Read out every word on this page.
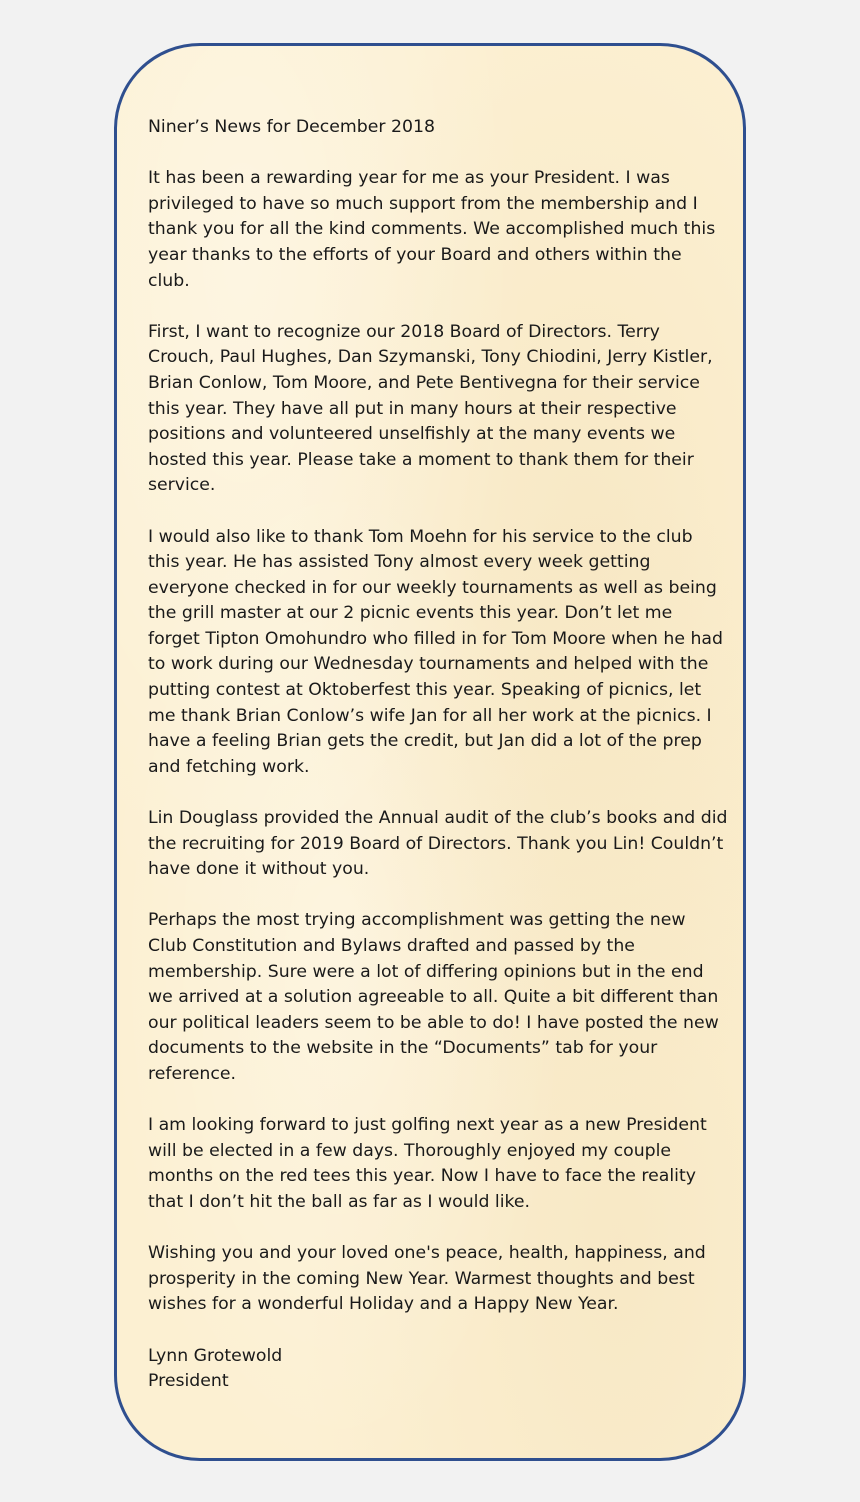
Niner’s News for December 2018

It has been a rewarding year for me as your President. I was privileged to have so much support from the membership and I thank you for all the kind comments. We accomplished much this year thanks to the efforts of your Board and others within the club.

First, I want to recognize our 2018 Board of Directors. Terry Crouch, Paul Hughes, Dan Szymanski, Tony Chiodini, Jerry Kistler, Brian Conlow, Tom Moore, and Pete Bentivegna for their service this year. They have all put in many hours at their respective positions and volunteered unselfishly at the many events we hosted this year. Please take a moment to thank them for their service.

I would also like to thank Tom Moehn for his service to the club this year. He has assisted Tony almost every week getting everyone checked in for our weekly tournaments as well as being the grill master at our 2 picnic events this year. Don’t let me forget Tipton Omohundro who filled in for Tom Moore when he had to work during our Wednesday tournaments and helped with the putting contest at Oktoberfest this year. Speaking of picnics, let me thank Brian Conlow’s wife Jan for all her work at the picnics. I have a feeling Brian gets the credit, but Jan did a lot of the prep and fetching work.

Lin Douglass provided the Annual audit of the club’s books and did the recruiting for 2019 Board of Directors. Thank you Lin! Couldn’t have done it without you.

Perhaps the most trying accomplishment was getting the new Club Constitution and Bylaws drafted and passed by the membership. Sure were a lot of differing opinions but in the end we arrived at a solution agreeable to all. Quite a bit different than our political leaders seem to be able to do! I have posted the new documents to the website in the “Documents” tab for your reference.

I am looking forward to just golfing next year as a new President will be elected in a few days. Thoroughly enjoyed my couple months on the red tees this year. Now I have to face the reality that I don’t hit the ball as far as I would like.

Wishing you and your loved one's peace, health, happiness, and prosperity in the coming New Year. Warmest thoughts and best wishes for a wonderful Holiday and a Happy New Year.

Lynn Grotewold
President
